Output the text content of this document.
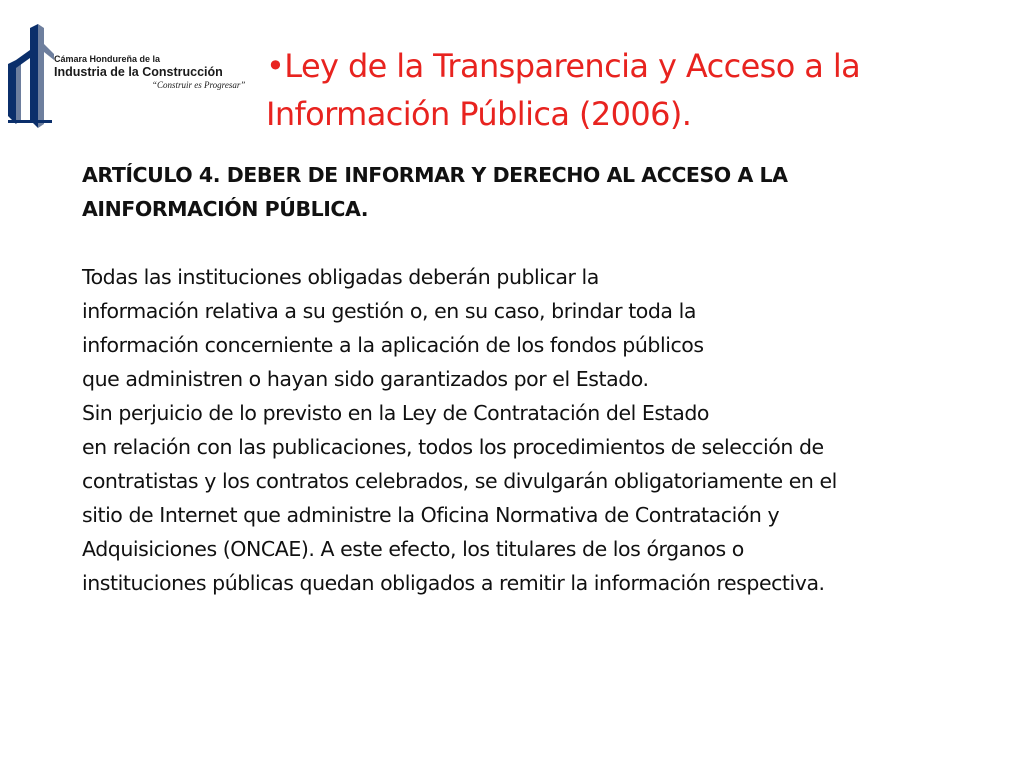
Cámara Hondureña de la
Industria de la Construcción
“Construir es Progresar” •Ley de la Transparencia y Acceso a la Información Pública (2006).
ARTÍCULO 4. DEBER DE INFORMAR Y DERECHO AL ACCESO A LA
AINFORMACIÓN PÚBLICA.
Todas las instituciones obligadas deberán publicar la
información relativa a su gestión o, en su caso, brindar toda la
información concerniente a la aplicación de los fondos públicos
que administren o hayan sido garantizados por el Estado.
Sin perjuicio de lo previsto en la Ley de Contratación del Estado
en relación con las publicaciones, todos los procedimientos de selección de
contratistas y los contratos celebrados, se divulgarán obligatoriamente en el
sitio de Internet que administre la Oficina Normativa de Contratación y
Adquisiciones (ONCAE). A este efecto, los titulares de los órganos o
instituciones públicas quedan obligados a remitir la información respectiva.
